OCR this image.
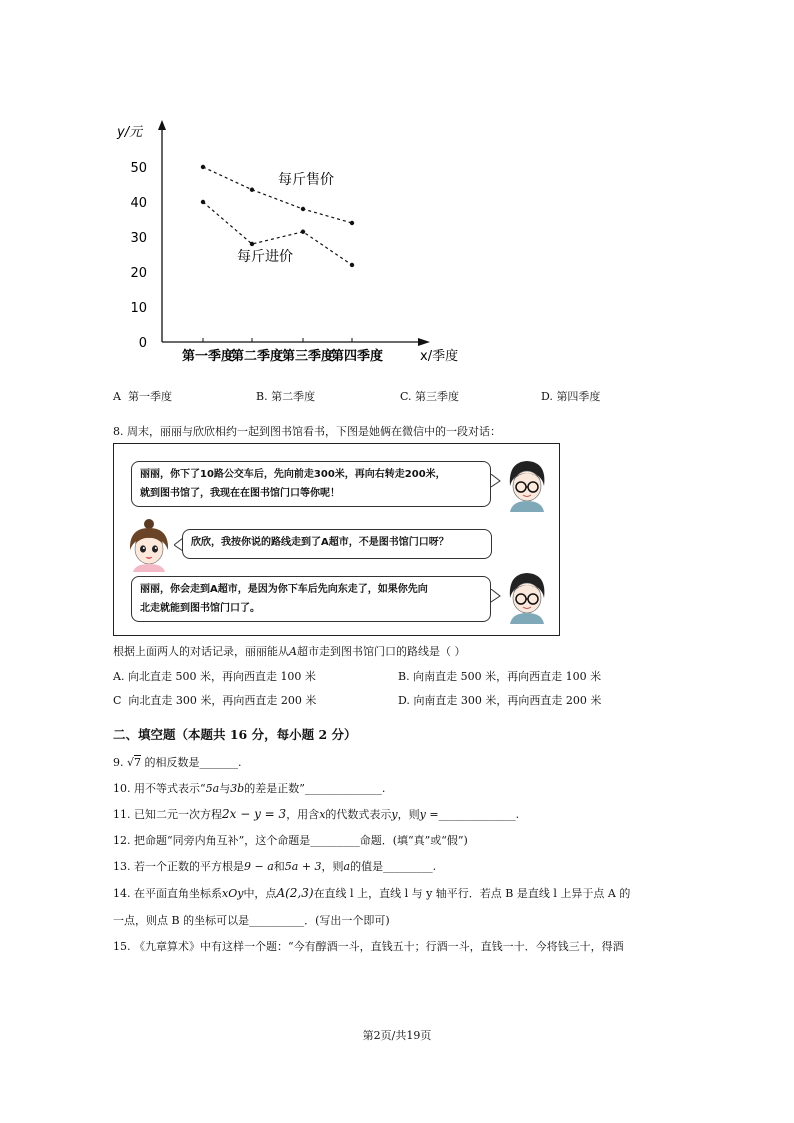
0
10
20
30
40
50
第一季度
第二季度
第三季度
第四季度
y/元
x/季度
每斤售价
每斤进价
A 第一季度	B. 第二季度	C. 第三季度	D. 第四季度
8. 周末，丽丽与欣欣相约一起到图书馆看书，下图是她俩在微信中的一段对话：
丽丽，你下了10路公交车后，先向前走300米，再向右转走200米，
就到图书馆了，我现在在图书馆门口等你呢！
欣欣，我按你说的路线走到了A超市，不是图书馆门口呀？
丽丽，你会走到A超市，是因为你下车后先向东走了，如果你先向
北走就能到图书馆门口了。
根据上面两人的对话记录，丽丽能从A超市走到图书馆门口的路线是（ ）
A. 向北直走 500 米，再向西直走 100 米	B. 向南直走 500 米，再向西直走 100 米
C 向北直走 300 米，再向西直走 200 米	D. 向南直走 300 米，再向西直走 200 米
二、填空题（本题共 16 分，每小题 2 分）
9. √7 的相反数是_______.
10. 用不等式表示“5a与3b的差是正数”______________.
11. 已知二元一次方程2x − y = 3，用含x的代数式表示y，则y =______________.
12. 把命题“同旁内角互补”，这个命题是_________命题．(填“真”或“假”)
13. 若一个正数的平方根是9 − a和5a + 3，则a的值是_________.
14. 在平面直角坐标系xOy中，点A(2,3)在直线 l 上，直线 l 与 y 轴平行．若点 B 是直线 l 上异于点 A 的
一点，则点 B 的坐标可以是__________．(写出一个即可)
15. 《九章算术》中有这样一个题：“今有醇酒一斗，直钱五十；行酒一斗，直钱一十．今将钱三十，得酒
第2页/共19页
